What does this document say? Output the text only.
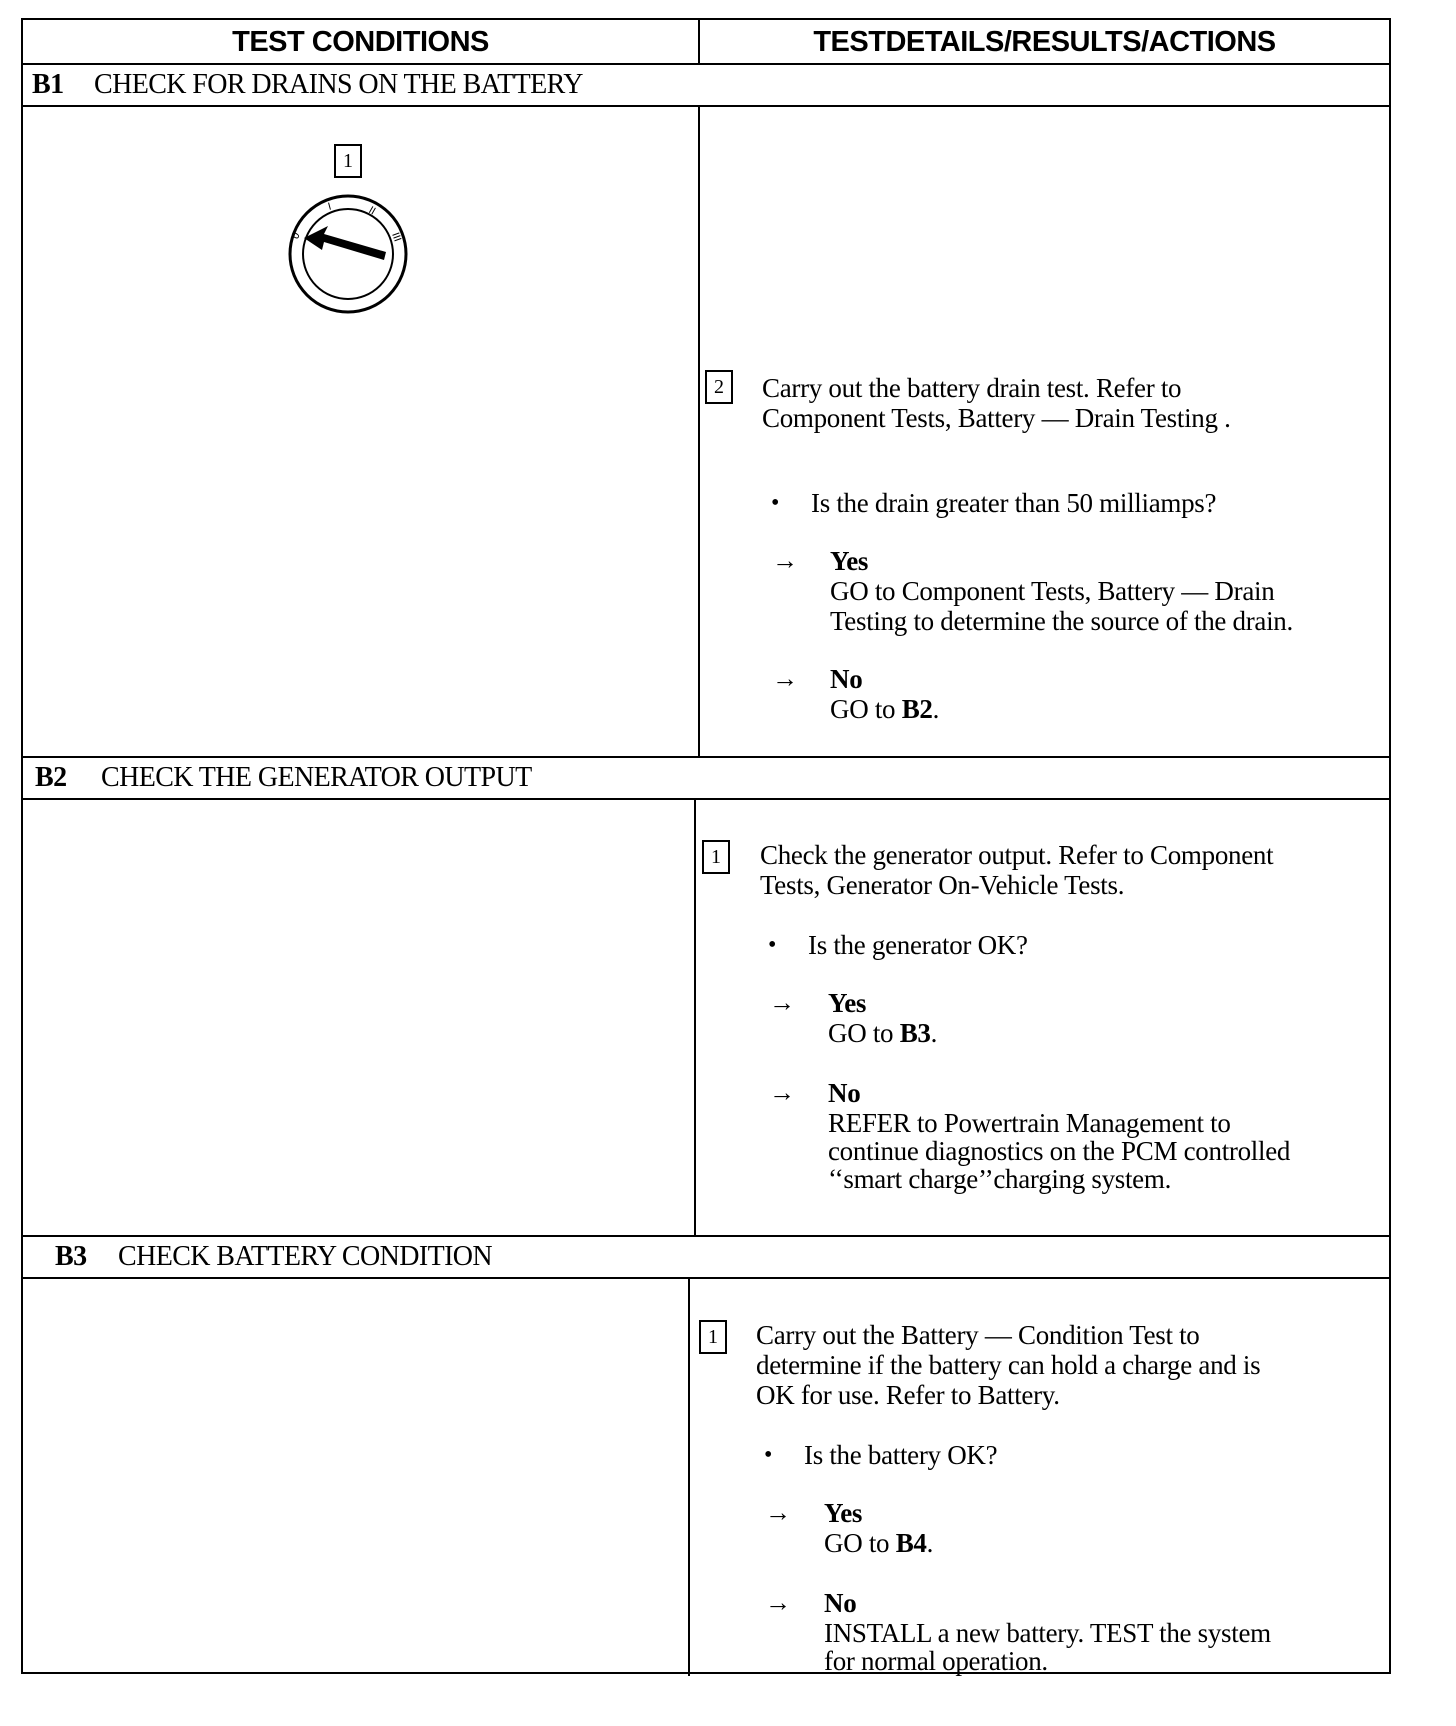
TEST CONDITIONS	TESTDETAILS/RESULTS/ACTIONS
B1 CHECK FOR DRAINS ON THE BATTERY
1
0
I	II
III
2	Carry out the battery drain test. Refer to
Component Tests, Battery — Drain Testing .
• Is the drain greater than 50 milliamps?
→ Yes
GO to Component Tests, Battery — Drain
Testing to determine the source of the drain.
→ No
GO to B2.
B2 CHECK THE GENERATOR OUTPUT
1	Check the generator output. Refer to Component
Tests, Generator On-Vehicle Tests.
• Is the generator OK?
→ Yes
GO to B3.
→ No
REFER to Powertrain Management to
continue diagnostics on the PCM controlled
‘‘smart charge’’charging system.
B3 CHECK BATTERY CONDITION
1	Carry out the Battery — Condition Test to
determine if the battery can hold a charge and is
OK for use. Refer to Battery.
• Is the battery OK?
→ Yes
GO to B4.
→ No
INSTALL a new battery. TEST the system
for normal operation.
